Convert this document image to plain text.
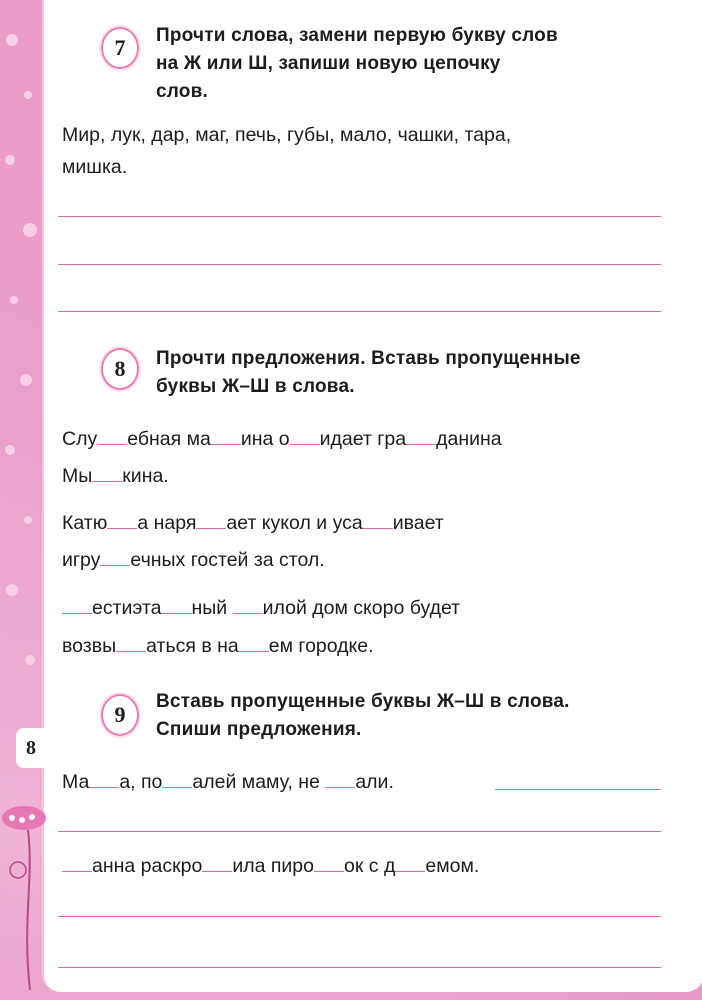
8
7	Прочти слова, замени первую букву слов
на Ж или Ш, запиши новую цепочку
слов.
Мир, лук, дар, маг, печь, губы, мало, чашки, тара,
мишка.
8	Прочти предложения. Вставь пропущенные
буквы Ж–Ш в слова.
Слу ебная ма ина о идает гра данина
Мы кина.
Катю а наря ает кукол и уса ивает
игру ечных гостей за стол.
естиэта ный илой дом скоро будет
возвы аться в на ем городке.
9
Вставь пропущенные буквы Ж–Ш в слова.
Спиши предложения.
Ма а, по алей маму, не али.
анна раскро ила пиро ок с д емом.
